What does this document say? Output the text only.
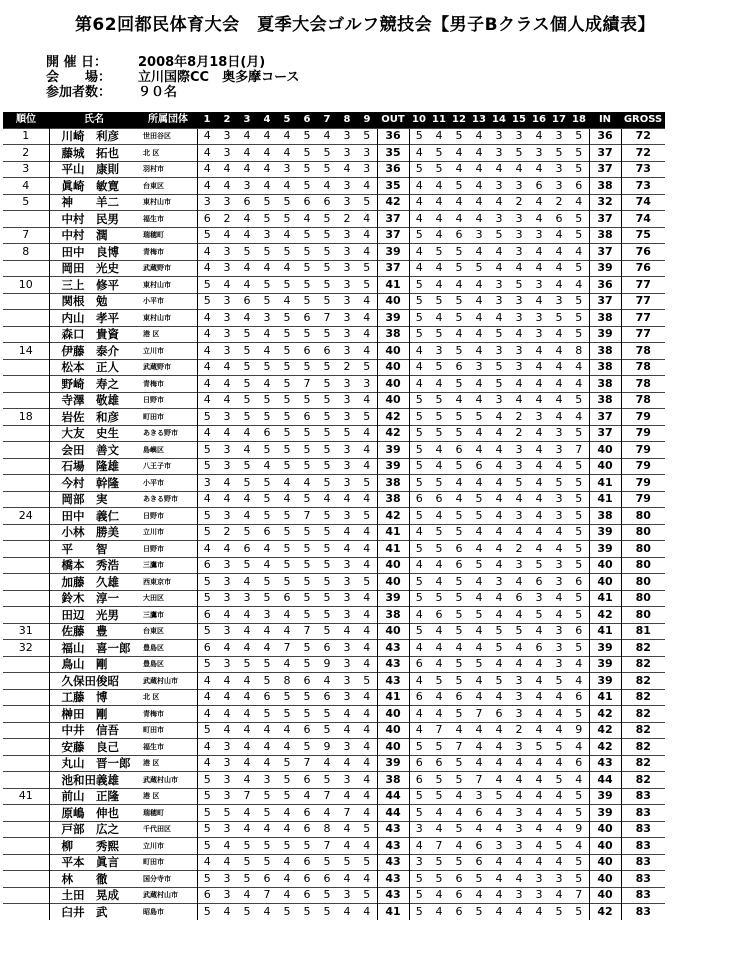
第62回都民体育大会　夏季大会ゴルフ競技会【男子Bクラス個人成績表】
開 催 日： 2008年8月18日(月)
会　　場： 立川国際CC　奥多摩コース
参加者数： ９０名
順位	氏名	所属団体	1	2	3	4	5	6	7	8	9	OUT	10	11	12	13	14	15	16	17	18	IN	GROSS
1	川崎　利彦	世田谷区	4	3	4	4	4	5	4	3	5	36	5	4	5	4	3	3	4	3	5	36	72
2	藤城　拓也	北 区	4	3	4	4	4	5	5	3	3	35	4	5	4	4	3	5	3	5	5	37	72
3	平山　康則	羽村市	4	4	4	4	3	5	5	4	3	36	5	5	4	4	4	4	4	3	5	37	73
4	眞崎　敏寛	台東区	4	4	3	4	4	5	4	3	4	35	4	4	5	4	3	3	6	3	6	38	73
5	神　　羊二	東村山市	3	3	6	5	5	6	6	3	5	42	4	4	4	4	4	2	4	2	4	32	74
	中村　民男	福生市	6	2	4	5	5	4	5	2	4	37	4	4	4	4	3	3	4	6	5	37	74
7	中村　潤	瑞穂町	5	4	4	3	4	5	5	3	4	37	5	4	6	3	5	3	3	4	5	38	75
8	田中　良博	青梅市	4	3	5	5	5	5	5	3	4	39	4	5	5	4	4	3	4	4	4	37	76
	岡田　光史	武蔵野市	4	3	4	4	4	5	5	3	5	37	4	4	5	5	4	4	4	4	5	39	76
10	三上　修平	東村山市	5	4	4	5	5	5	5	3	5	41	5	4	4	4	3	5	3	4	4	36	77
	関根　勉	小平市	5	3	6	5	4	5	5	3	4	40	5	5	5	4	3	3	4	3	5	37	77
	内山　孝平	東村山市	4	3	4	3	5	6	7	3	4	39	5	4	5	4	4	3	3	5	5	38	77
	森口　貴資	港 区	4	3	5	4	5	5	5	3	4	38	5	5	4	4	5	4	3	4	5	39	77
14	伊藤　泰介	立川市	4	3	5	4	5	6	6	3	4	40	4	3	5	4	3	3	4	4	8	38	78
	松本　正人	武蔵野市	4	4	5	5	5	5	5	2	5	40	4	5	6	3	5	3	4	4	4	38	78
	野崎　寿之	青梅市	4	4	5	4	5	7	5	3	3	40	4	4	5	4	5	4	4	4	4	38	78
	寺澤　敬雄	日野市	4	4	5	5	5	5	5	3	4	40	5	5	4	4	3	4	4	4	5	38	78
18	岩佐　和彦	町田市	5	3	5	5	5	6	5	3	5	42	5	5	5	5	4	2	3	4	4	37	79
	大友　史生	あきる野市	4	4	4	6	5	5	5	5	4	42	5	5	5	4	4	2	4	3	5	37	79
	会田　善文	島嶼区	5	3	4	5	5	5	5	3	4	39	5	4	6	4	4	3	4	3	7	40	79
	石場　隆雄	八王子市	5	3	5	4	5	5	5	3	4	39	5	4	5	6	4	3	4	4	5	40	79
	今村　幹隆	小平市	3	4	5	5	4	4	5	3	5	38	5	5	4	4	4	5	4	5	5	41	79
	岡部　実	あきる野市	4	4	4	5	4	5	4	4	4	38	6	6	4	5	4	4	4	3	5	41	79
24	田中　義仁	日野市	5	3	4	5	5	7	5	3	5	42	5	4	5	5	4	3	4	3	5	38	80
	小林　勝美	立川市	5	2	5	6	5	5	5	4	4	41	4	5	5	4	4	4	4	4	5	39	80
	平　　智	日野市	4	4	6	4	5	5	5	4	4	41	5	5	6	4	4	2	4	4	5	39	80
	橋本　秀浩	三鷹市	6	3	5	4	5	5	5	3	4	40	4	4	6	5	4	3	5	3	5	40	80
	加藤　久雄	西東京市	5	3	4	5	5	5	5	3	5	40	5	4	5	4	3	4	6	3	6	40	80
	鈴木　淳一	大田区	5	3	3	5	6	5	5	3	4	39	5	5	5	4	4	6	3	4	5	41	80
	田辺　光男	三鷹市	6	4	4	3	4	5	5	3	4	38	4	6	5	5	4	4	5	4	5	42	80
31	佐藤　豊	台東区	5	3	4	4	4	7	5	4	4	40	5	4	5	4	5	5	4	3	6	41	81
32	福山　喜一郎	豊島区	6	4	4	4	7	5	6	3	4	43	4	4	4	4	5	4	6	3	5	39	82
	鳥山　剛	豊島区	5	3	5	5	4	5	9	3	4	43	6	4	5	5	4	4	4	3	4	39	82
	久保田俊昭	武蔵村山市	4	4	4	5	8	6	4	3	5	43	4	5	5	4	5	3	4	5	4	39	82
	工藤　博	北 区	4	4	4	6	5	5	6	3	4	41	6	4	6	4	4	3	4	4	6	41	82
	榊田　剛	青梅市	4	4	4	5	5	5	5	4	4	40	4	4	5	7	6	3	4	4	5	42	82
	中井　信吾	町田市	5	4	4	4	4	6	5	4	4	40	4	7	4	4	4	2	4	4	9	42	82
	安藤　良己	福生市	4	3	4	4	4	5	9	3	4	40	5	5	7	4	4	3	5	5	4	42	82
	丸山　晋一郎	港 区	4	3	4	4	5	7	4	4	4	39	6	6	5	4	4	4	4	4	6	43	82
	池和田義雄	武蔵村山市	5	3	4	3	5	6	5	3	4	38	6	5	5	7	4	4	4	5	4	44	82
41	前山　正隆	港 区	5	3	7	5	5	4	7	4	4	44	5	5	4	3	5	4	4	4	5	39	83
	原嶋　伸也	瑞穂町	5	5	4	5	4	6	4	7	4	44	5	4	4	6	4	3	4	4	5	39	83
	戸部　広之	千代田区	5	3	4	4	4	6	8	4	5	43	3	4	5	4	4	3	4	4	9	40	83
	柳　　秀熙	立川市	5	4	5	5	5	5	7	4	4	43	4	7	4	6	3	3	4	5	4	40	83
	平本　眞言	町田市	4	4	5	5	4	6	5	5	5	43	3	5	5	6	4	4	4	4	5	40	83
	林　　徹	国分寺市	5	3	5	6	4	6	6	4	4	43	5	5	6	5	4	4	3	3	5	40	83
	土田　晃成	武蔵村山市	6	3	4	7	4	6	5	3	5	43	5	4	6	4	4	3	3	4	7	40	83
	臼井　武	昭島市	5	4	5	4	5	5	5	4	4	41	5	4	6	5	4	4	4	5	5	42	83
